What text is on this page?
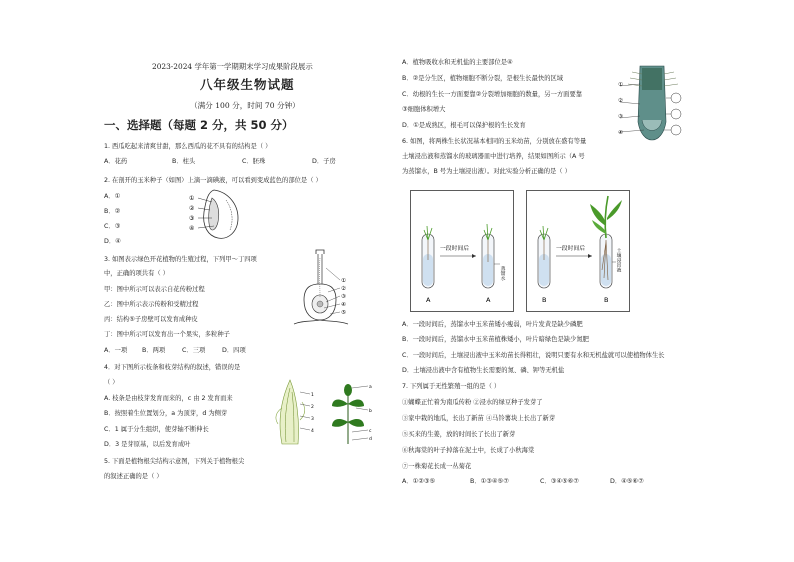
2023-2024 学年第一学期期末学习成果阶段展示
八年级生物试题
（满分 100 分，时间 70 分钟）
一、选择题（每题 2 分，共 50 分）
1. 西瓜吃起来清爽甘甜，那么西瓜的花不具有的结构是（ ）
A．花药	B．柱头	C．胚珠	D．子房
2. 在剖开的玉米种子（如图）上滴一滴碘液，可以看到变成蓝色的部位是（ ）
A．①
B．②
C．③
D．④
①
②
③
④
3. 如图表示绿色开花植物的生殖过程，下列甲～丁四项
中，正确的项共有（ ）
甲：图中所示可以表示自花传粉过程
乙：图中所示表示传粉和受精过程
丙：结构⑤子房壁可以发育成种皮
丁：图中所示可以发育出一个果实，多粒种子
A．一项 B．两项	C．三项	D．四项
①
②
③
④
⑤
4．对下图所示枝条和枝芽结构的叙述，错误的是
（ ）
A. 枝条是由枝芽发育而来的，c 由 2 发育而来
B．按照着生位置划分，a 为顶芽，d 为侧芽
C．1 属于分生组织，使芽轴不断伸长
D．3 是芽原基，以后发育成叶
1
2
3
4
a
b
c
d
5. 下面是植物根尖结构示意图，下列关于植物根尖
的叙述正确的是（ ）
A．植物吸收水和无机盐的主要部位是④
B．②是分生区，植物细胞不断分裂，是根生长最快的区域
C．幼根的生长一方面要靠②分裂增加细胞的数量，另一方面要靠
③细胞体积增大
D．①是成熟区，根毛可以保护根的生长发育
①
②
③
④
6. 如图，将两株生长状况基本相同的玉米幼苗，分别放在盛有等量
土壤浸出液和蒸馏水的玻璃器皿中进行培养，结果如图所示（A 号
为蒸馏水，B 号为土壤浸出液）。对此实验分析正确的是（ ）
一段时间后
蒸馏水
A	A
一段时间后	土壤浸出液
B	B
A．一段时间后，蒸馏水中玉米苗矮小瘦弱，叶片发黄是缺少磷肥
B．一段时间后，蒸馏水中玉米苗植株矮小，叶片暗绿色是缺少氮肥
C．一段时间后，土壤浸出液中玉米幼苗长得粗壮，说明只要有水和无机盐就可以使植物体生长
D．土壤浸出液中含有植物生长需要的氮、磷、钾等无机盐
7. 下列属于无性繁殖一组的是（ ）
①蝴蝶正忙着为南瓜传粉 ②浸水的绿豆种子发芽了
③家中栽的地瓜，长出了新苗 ④马铃薯块上长出了新芽
⑤买来的生姜，放的时间长了长出了新芽
⑥秋海棠的叶子掉落在泥土中，长成了小秋海棠
⑦一株菊花长成一丛菊花
A．①②③⑤	B．①③④⑤⑦	C．③④⑤⑥⑦	D．④⑤⑥⑦
